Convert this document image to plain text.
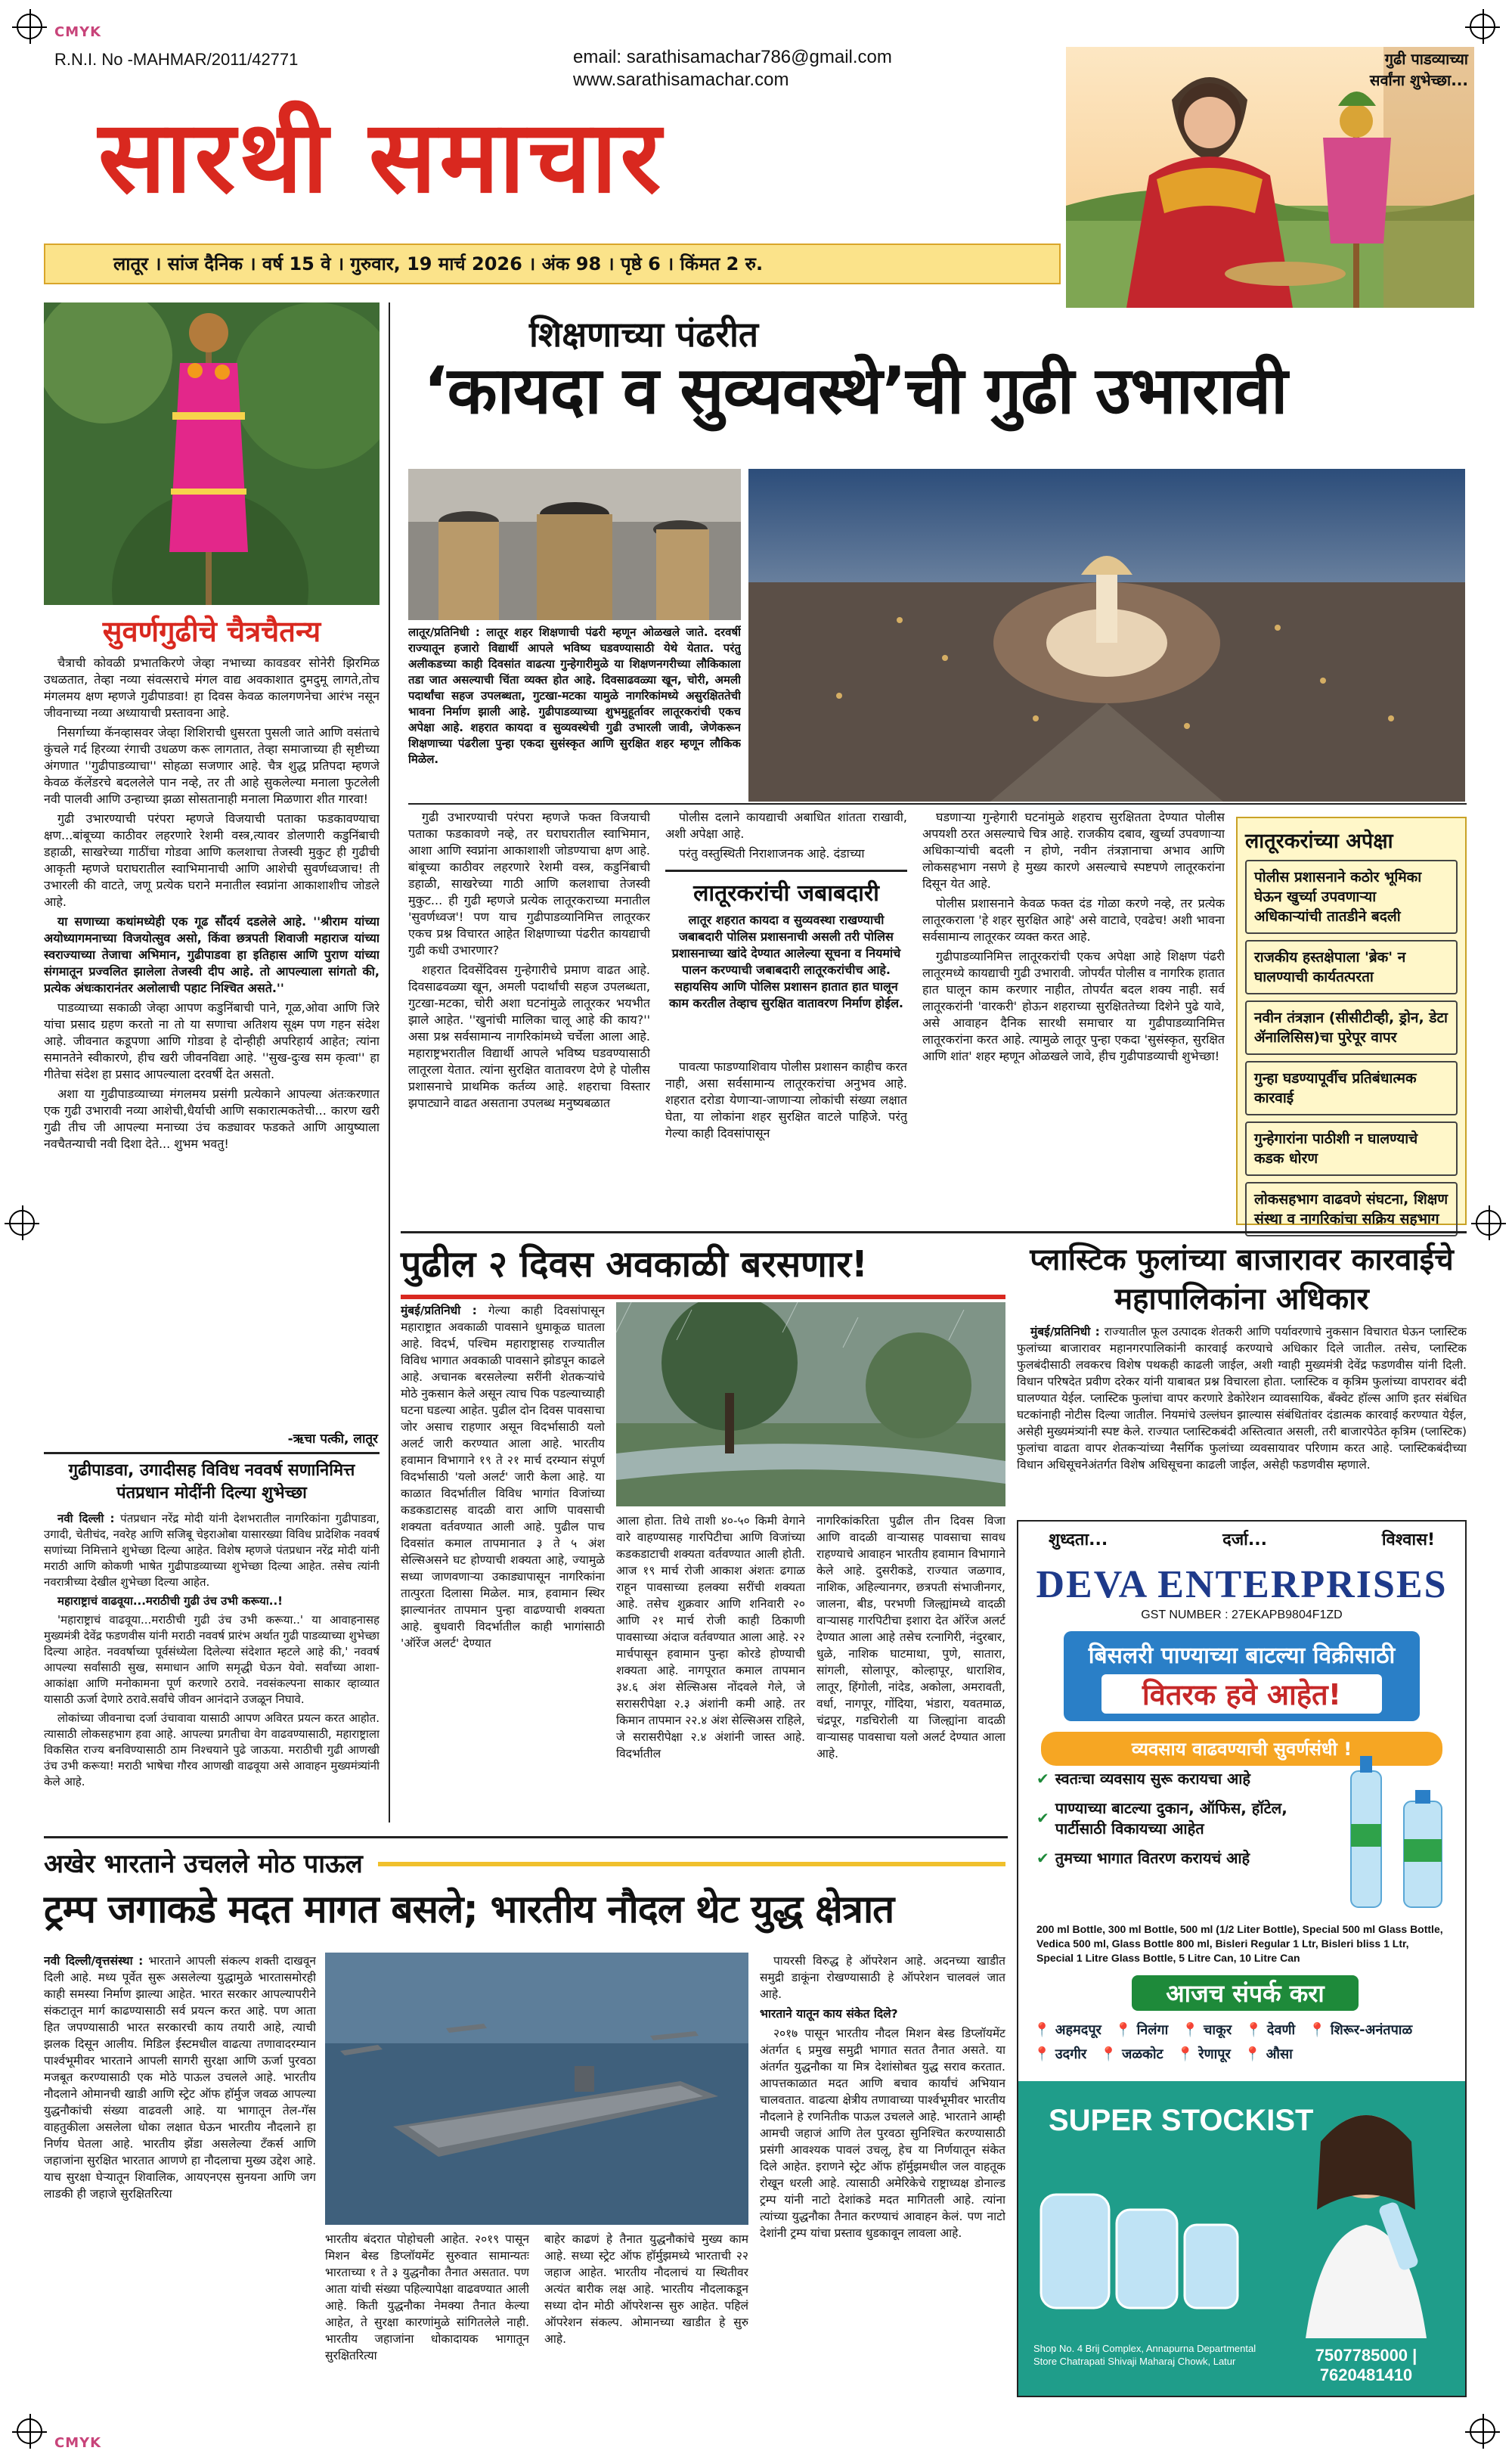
CMYK
CMYK
R.N.I. No -MAHMAR/2011/42771	email: sarathisamachar786@gmail.com
www.sarathisamachar.com
सारथी समाचार
गुढी पाडव्याच्या सर्वांना शुभेच्छा...
लातूर । सांज दैनिक । वर्ष 15 वे । गुरुवार, 19 मार्च 2026 । अंक 98 । पृष्ठे 6 । किंमत 2 रु.
सुवर्णगुढीचे चैत्रचैतन्य

चैत्राची कोवळी प्रभातकिरणे जेव्हा नभाच्या कावडवर सोनेरी झिरमिळ उधळतात, तेव्हा नव्या संवत्सराचे मंगल वाद्य अवकाशात दुमदुमू लागते,तोच मंगलमय क्षण म्हणजे गुढीपाडवा! हा दिवस केवळ कालगणनेचा आरंभ नसून जीवनाच्या नव्या अध्यायाची प्रस्तावना आहे.

निसर्गाच्या कॅनव्हासवर जेव्हा शिशिराची धुसरता पुसली जाते आणि वसंताचे कुंचले गर्द हिरव्या रंगाची उधळण करू लागतात, तेव्हा समाजाच्या ही सृष्टीच्या अंगणात ''गुढीपाडव्याचा'' सोहळा सजणार आहे. चैत्र शुद्ध प्रतिपदा म्हणजे केवळ कॅलेंडरचे बदललेले पान नव्हे, तर ती आहे सुकलेल्या मनाला फुटलेली नवी पालवी आणि उन्हाच्या झळा सोसतानाही मनाला मिळणारा शीत गारवा!

गुढी उभारण्याची परंपरा म्हणजे विजयाची पताका फडकावण्याचा क्षण...बांबूच्या काठीवर लहरणारे रेशमी वस्त्र,त्यावर डोलणारी कडुनिंबाची डहाळी, साखरेच्या गाठींचा गोडवा आणि कलशाचा तेजस्वी मुकुट ही गुढीची आकृती म्हणजे घराघरातील स्वाभिमानाची आणि आशेची सुवर्णध्वजाच! ती उभारली की वाटते, जणू प्रत्येक घराने मनातील स्वप्नांना आकाशाशीच जोडले आहे.

या सणाच्या कथांमध्येही एक गूढ सौंदर्य दडलेले आहे. ''श्रीराम यांच्या अयोध्यागमनाच्या विजयोत्सुव असो, किंवा छत्रपती शिवाजी महाराज यांच्या स्वराज्याच्या तेजाचा अभिमान, गुढीपाडवा हा इतिहास आणि पुराण यांच्या संगमातून प्रज्वलित झालेला तेजस्वी दीप आहे. तो आपल्याला सांगतो की, प्रत्येक अंधःकारानंतर अलोलाची पहाट निश्चित असते.''

पाडव्याच्या सकाळी जेव्हा आपण कडुनिंबाची पाने, गूळ,ओवा आणि जिरे यांचा प्रसाद ग्रहण करतो ना तो या सणाचा अतिशय सूक्ष्म पण गहन संदेश आहे. जीवनात कडूपणा आणि गोडवा हे दोन्हीही अपरिहार्य आहेत; त्यांना समानतेने स्वीकारणे, हीच खरी जीवनविद्या आहे. ''सुख-दुःख सम कृत्वा'' हा गीतेचा संदेश हा प्रसाद आपल्याला दरवर्षी देत असतो.

अशा या गुढीपाडव्याच्या मंगलमय प्रसंगी प्रत्येकाने आपल्या अंतःकरणात एक गुढी उभारावी नव्या आशेची,धैर्याची आणि सकारात्मकतेची... कारण खरी गुढी तीच जी आपल्या मनाच्या उंच कड्यावर फडकते आणि आयुष्याला नवचैतन्याची नवी दिशा देते... शुभम भवतु!

-ऋचा पत्की, लातूर
गुढीपाडवा, उगादीसह विविध नववर्ष सणानिमित्त पंतप्रधान मोदींनी दिल्या शुभेच्छा

नवी दिल्ली : पंतप्रधान नरेंद्र मोदी यांनी देशभरातील नागरिकांना गुढीपाडवा, उगादी, चेतीचंद, नवरेह आणि सजिबू चेइराओबा यासारख्या विविध प्रादेशिक नववर्ष सणांच्या निमित्ताने शुभेच्छा दिल्या आहेत. विशेष म्हणजे पंतप्रधान नरेंद्र मोदी यांनी मराठी आणि कोकणी भाषेत गुढीपाडव्याच्या शुभेच्छा दिल्या आहेत. तसेच त्यांनी नवरात्रीच्या देखील शुभेच्छा दिल्या आहेत.

महाराष्ट्राचं वाढवूया...मराठीची गुढी उंच उभी करूया..!

'महाराष्ट्राचं वाढवूया...मराठीची गुढी उंच उभी करूया..' या आवाहनासह मुख्यमंत्री देवेंद्र फडणवीस यांनी मराठी नववर्ष प्रारंभ अर्थात गुढी पाडव्याच्या शुभेच्छा दिल्या आहेत. नववर्षाच्या पूर्वसंध्येला दिलेल्या संदेशात म्हटले आहे की,' नववर्ष आपल्या सर्वांसाठी सुख, समाधान आणि समृद्धी घेऊन येवो. सर्वांच्या आशा-आकांक्षा आणि मनोकामना पूर्ण करणारे ठरावे. नवसंकल्पना साकार व्हाव्यात यासाठी ऊर्जा देणारे ठरावे.सर्वांचे जीवन आनंदाने उजळून निघावे.

लोकांच्या जीवनाचा दर्जा उंचावावा यासाठी आपण अविरत प्रयत्न करत आहोत. त्यासाठी लोकसहभाग हवा आहे. आपल्या प्रगतीचा वेग वाढवण्यासाठी, महाराष्ट्राला विकसित राज्य बनविण्यासाठी ठाम निश्चयाने पुढे जाऊया. मराठीची गुढी आणखी उंच उभी करूया! मराठी भाषेचा गौरव आणखी वाढवूया असे आवाहन मुख्यमंत्र्यांनी केले आहे.

शिक्षणाच्या पंढरीत
‘कायदा व सुव्यवस्थे’ची गुढी उभारावी
लातूर/प्रतिनिधी : लातूर शहर शिक्षणाची पंढरी म्हणून ओळखले जाते. दरवर्षी राज्यातून हजारो विद्यार्थी आपले भविष्य घडवण्यासाठी येथे येतात. परंतु अलीकडच्या काही दिवसांत वाढत्या गुन्हेगारीमुळे या शिक्षणनगरीच्या लौकिकाला तडा जात असल्याची चिंता व्यक्त होत आहे. दिवसाढवळ्या खून, चोरी, अमली पदार्थांचा सहज उपलब्धता, गुटखा-मटका यामुळे नागरिकांमध्ये असुरक्षिततेची भावना निर्माण झाली आहे. गुढीपाडव्याच्या शुभमुहूर्तावर लातूरकरांची एकच अपेक्षा आहे. शहरात कायदा व सुव्यवस्थेची गुढी उभारली जावी, जेणेकरून शिक्षणाच्या पंढरीला पुन्हा एकदा सुसंस्कृत आणि सुरक्षित शहर म्हणून लौकिक मिळेल.

गुढी उभारण्याची परंपरा म्हणजे फक्त विजयाची पताका फडकावणे नव्हे, तर घराघरातील स्वाभिमान, आशा आणि स्वप्नांना आकाशाशी जोडण्याचा क्षण आहे. बांबूच्या काठीवर लहरणारे रेशमी वस्त्र, कडुनिंबाची डहाळी, साखरेच्या गाठी आणि कलशाचा तेजस्वी मुकुट... ही गुढी म्हणजे प्रत्येक लातूरकराच्या मनातील 'सुवर्णध्वज'! पण याच गुढीपाडव्यानिमित्त लातूरकर एकच प्रश्न विचारत आहेत शिक्षणाच्या पंढरीत कायद्याची गुढी कधी उभारणार?

शहरात दिवसेंदिवस गुन्हेगारीचे प्रमाण वाढत आहे. दिवसाढवळ्या खून, अमली पदार्थांची सहज उपलब्धता, गुटखा-मटका, चोरी अशा घटनांमुळे लातूरकर भयभीत झाले आहेत. ''खुनांची मालिका चालू आहे की काय?'' असा प्रश्न सर्वसामान्य नागरिकांमध्ये चर्चेला आला आहे. महाराष्ट्रभरातील विद्यार्थी आपले भविष्य घडवण्यासाठी लातूरला येतात. त्यांना सुरक्षित वातावरण देणे हे पोलीस प्रशासनाचे प्राथमिक कर्तव्य आहे. शहराचा विस्तार झपाट्याने वाढत असताना उपलब्ध मनुष्यबळात

पोलीस दलाने कायद्याची अबाधित शांतता राखावी, अशी अपेक्षा आहे.

परंतु वस्तुस्थिती निराशाजनक आहे. दंडाच्या

लातूरकरांची जबाबदारी
लातूर शहरात कायदा व सुव्यवस्था राखण्याची जबाबदारी पोलिस प्रशासनाची असली तरी पोलिस प्रशासनाच्या खांदे देण्यात आलेल्या सूचना व नियमांचे पालन करण्याची जबाबदारी लातूरकरांचीच आहे. सहायसिय आणि पोलिस प्रशासन हातात हात घालून काम करतील तेव्हाच सुरक्षित वातावरण निर्माण होईल.

पावत्या फाडण्याशिवाय पोलीस प्रशासन काहीच करत नाही, असा सर्वसामान्य लातूरकरांचा अनुभव आहे. शहरात दरोडा येणाऱ्या-जाणाऱ्या लोकांची संख्या लक्षात घेता, या लोकांना शहर सुरक्षित वाटले पाहिजे. परंतु गेल्या काही दिवसांपासून

घडणाऱ्या गुन्हेगारी घटनांमुळे शहराच सुरक्षितता देण्यात पोलीस अपयशी ठरत असल्याचे चित्र आहे. राजकीय दबाव, खुर्च्या उपवणाऱ्या अधिकाऱ्यांची बदली न होणे, नवीन तंत्रज्ञानाचा अभाव आणि लोकसहभाग नसणे हे मुख्य कारणे असल्याचे स्पष्टपणे लातूरकरांना दिसून येत आहे.

पोलीस प्रशासनाने केवळ फक्त दंड गोळा करणे नव्हे, तर प्रत्येक लातूरकराला 'हे शहर सुरक्षित आहे' असे वाटावे, एवढेच! अशी भावना सर्वसामान्य लातूरकर व्यक्त करत आहे.

गुढीपाडव्यानिमित्त लातूरकरांची एकच अपेक्षा आहे शिक्षण पंढरी लातूरमध्ये कायद्याची गुढी उभारावी. जोपर्यंत पोलीस व नागरिक हातात हात घालून काम करणार नाहीत, तोपर्यंत बदल शक्य नाही. सर्व लातूरकरांनी 'वारकरी' होऊन शहराच्या सुरक्षिततेच्या दिशेने पुढे यावे, असे आवाहन दैनिक सारथी समाचार या गुढीपाडव्यानिमित्त लातूरकरांना करत आहे. त्यामुळे लातूर पुन्हा एकदा 'सुसंस्कृत, सुरक्षित आणि शांत' शहर म्हणून ओळखले जावे, हीच गुढीपाडव्याची शुभेच्छा!

लातूरकरांच्या अपेक्षा
पोलीस प्रशासनाने कठोर भूमिका घेऊन खुर्च्या उपवणाऱ्या अधिकाऱ्यांची तातडीने बदली
राजकीय हस्तक्षेपाला 'ब्रेक' न घालण्याची कार्यतत्परता
नवीन तंत्रज्ञान (सीसीटीव्ही, ड्रोन, डेटा ॲनालिसिस)चा पुरेपूर वापर
गुन्हा घडण्यापूर्वीच प्रतिबंधात्मक कारवाई
गुन्हेगारांना पाठीशी न घालण्याचे कडक धोरण
लोकसहभाग वाढवणे संघटना, शिक्षण संस्था व नागरिकांचा सक्रिय सहभाग
पुढील २ दिवस अवकाळी बरसणार!

मुंबई/प्रतिनिधी : गेल्या काही दिवसांपासून महाराष्ट्रात अवकाळी पावसाने धुमाकूळ घातला आहे. विदर्भ, पश्चिम महाराष्ट्रासह राज्यातील विविध भागात अवकाळी पावसाने झोडपून काढले आहे. अचानक बरसलेल्या सरींनी शेतकऱ्यांचे मोठे नुकसान केले असून त्याच पिक पडल्याच्याही घटना घडल्या आहेत. पुढील दोन दिवस पावसाचा जोर असाच राहणार असून विदर्भासाठी यलो अलर्ट जारी करण्यात आला आहे. भारतीय हवामान विभागाने १९ ते २१ मार्च दरम्यान संपूर्ण विदर्भासाठी 'यलो अलर्ट' जारी केला आहे. या काळात विदर्भातील विविध भागांत विजांच्या कडकडाटासह वादळी वारा आणि पावसाची शक्यता वर्तवण्यात आली आहे. पुढील पाच दिवसांत कमाल तापमानात ३ ते ५ अंश सेल्सिअसने घट होण्याची शक्यता आहे, ज्यामुळे सध्या जाणवणाऱ्या उकाड्यापासून नागरिकांना तात्पुरता दिलासा मिळेल. मात्र, हवामान स्थिर झाल्यानंतर तापमान पुन्हा वाढण्याची शक्यता आहे. बुधवारी विदर्भातील काही भागांसाठी 'ऑरेंज अलर्ट' देण्यात

आला होता. तिथे ताशी ४०-५० किमी वेगाने वारे वाहण्यासह गारपिटीचा आणि विजांच्या कडकडाटाची शक्यता वर्तवण्यात आली होती. आज १९ मार्च रोजी आकाश अंशतः ढगाळ राहून पावसाच्या हलक्या सरींची शक्यता आहे. तसेच शुक्रवार आणि शनिवारी २० आणि २१ मार्च रोजी काही ठिकाणी पावसाच्या अंदाज वर्तवण्यात आला आहे. २२ मार्चपासून हवामान पुन्हा कोरडे होण्याची शक्यता आहे. नागपूरात कमाल तापमान ३४.६ अंश सेल्सिअस नोंदवले गेले, जे सरासरीपेक्षा २.३ अंशांनी कमी आहे. तर किमान तापमान २२.४ अंश सेल्सिअस राहिले, जे सरासरीपेक्षा २.४ अंशांनी जास्त आहे. विदर्भातील
नागरिकांकरिता पुढील तीन दिवस विजा आणि वादळी वाऱ्यासह पावसाचा सावध राहण्याचे आवाहन भारतीय हवामान विभागाने केले आहे. दुसरीकडे, राज्यात जळगाव, नाशिक, अहिल्यानगर, छत्रपती संभाजीनगर, जालना, बीड, परभणी जिल्ह्यांमध्ये वादळी वाऱ्यासह गारपिटीचा इशारा देत ऑरेंज अलर्ट देण्यात आला आहे तसेच रत्नागिरी, नंदुरबार, धुळे, नाशिक घाटमाथा, पुणे, सातारा, सांगली, सोलापूर, कोल्हापूर, धाराशिव, लातूर, हिंगोली, नांदेड, अकोला, अमरावती, वर्धा, नागपूर, गोंदिया, भंडारा, यवतमाळ, चंद्रपूर, गडचिरोली या जिल्ह्यांना वादळी वाऱ्यासह पावसाचा यलो अलर्ट देण्यात आला आहे.
प्लास्टिक फुलांच्या बाजारावर कारवाईचे महापालिकांना अधिकार

मुंबई/प्रतिनिधी : राज्यातील फूल उत्पादक शेतकरी आणि पर्यावरणाचे नुकसान विचारात घेऊन प्लास्टिक फुलांच्या बाजारावर महानगरपालिकांनी कारवाई करण्याचे अधिकार दिले जातील. तसेच, प्लास्टिक फुलबंदीसाठी लवकरच विशेष पथकही काढली जाईल, अशी ग्वाही मुख्यमंत्री देवेंद्र फडणवीस यांनी दिली. विधान परिषदेत प्रवीण दरेकर यांनी याबाबत प्रश्न विचारला होता. प्लास्टिक व कृत्रिम फुलांच्या वापरावर बंदी घालण्यात येईल. प्लास्टिक फुलांचा वापर करणारे डेकोरेशन व्यावसायिक, बँक्वेट हॉल्स आणि इतर संबंधित घटकांनाही नोटीस दिल्या जातील. नियमांचे उल्लंघन झाल्यास संबंधितांवर दंडात्मक कारवाई करण्यात येईल, असेही मुख्यमंत्र्यांनी स्पष्ट केले. राज्यात प्लास्टिकबंदी अस्तित्वात असली, तरी बाजारपेठेत कृत्रिम (प्लास्टिक) फुलांचा वाढता वापर शेतकऱ्यांच्या नैसर्गिक फुलांच्या व्यवसायावर परिणाम करत आहे. प्लास्टिकबंदीच्या विधान अधिसूचनेअंतर्गत विशेष अधिसूचना काढली जाईल, असेही फडणवीस म्हणाले.

शुध्दता...	दर्जा...	विश्वास!
DEVA ENTERPRISES
GST NUMBER : 27EKAPB9804F1ZD
बिसलरी पाण्याच्या बाटल्या विक्रीसाठी
वितरक हवे आहेत!
व्यवसाय वाढवण्याची सुवर्णसंधी !
✔ स्वतःचा व्यवसाय सुरू करायचा आहे
✔
पाण्याच्या बाटल्या दुकान, ऑफिस, हॉटेल, पार्टीसाठी विकायच्या आहेत
✔ तुमच्या भागात वितरण करायचं आहे
200 ml Bottle, 300 ml Bottle, 500 ml (1/2 Liter Bottle), Special 500 ml Glass Bottle, Vedica 500 ml, Glass Bottle 800 ml, Bisleri Regular 1 Ltr, Bisleri bliss 1 Ltr, Special 1 Litre Glass Bottle, 5 Litre Can, 10 Litre Can
आजच संपर्क करा
📍 अहमदपूर 📍 निलंगा 📍 चाकूर 📍 देवणी 📍 शिरूर-अनंतपाळ
📍 उदगीर 📍 जळकोट 📍 रेणापूर 📍 औसा
SUPER STOCKIST
Shop No. 4 Brij Complex, Annapurna Departmental Store Chatrapati Shivaji Maharaj Chowk, Latur	7507785000 | 7620481410
अखेर भारताने उचलले मोठ पाऊल
ट्रम्प जगाकडे मदत मागत बसले; भारतीय नौदल थेट युद्ध क्षेत्रात

नवी दिल्ली/वृत्तसंस्था : भारताने आपली संकल्प शक्ती दाखवून दिली आहे. मध्य पूर्वेत सुरू असलेल्या युद्धामुळे भारतासमोरही काही समस्या निर्माण झाल्या आहेत. भारत सरकार आपल्यापरीने संकटातून मार्ग काढण्यासाठी सर्व प्रयत्न करत आहे. पण आता हित जपण्यासाठी भारत सरकारची काय तयारी आहे, त्याची झलक दिसून आलीय. मिडिल ईस्टमधील वाढत्या तणावादरम्यान पार्श्वभूमीवर भारताने आपली सागरी सुरक्षा आणि ऊर्जा पुरवठा मजबूत करण्यासाठी एक मोठे पाऊल उचलले आहे. भारतीय नौदलाने ओमानची खाडी आणि स्ट्रेट ऑफ हॉर्मुज जवळ आपल्या युद्धनौकांची संख्या वाढवली आहे. या भागातून तेल-गॅस वाहतुकीला असलेला धोका लक्षात घेऊन भारतीय नौदलाने हा निर्णय घेतला आहे. भारतीय झेंडा असलेल्या टँकर्स आणि जहाजांना सुरक्षित भारतात आणणे हा नौदलाचा मुख्य उद्देश आहे. याच सुरक्षा घेऱ्यातून शिवालिक, आयएनएस सुनयना आणि जग लाडकी ही जहाजे सुरक्षितरित्या

भारतीय बंदरात पोहोचली आहेत. २०१९ पासून मिशन बेस्ड डिप्लॉयमेंट सुरुवात सामान्यतः भारताच्या १ ते ३ युद्धनौका तैनात असतात. पण आता यांची संख्या पहिल्यापेक्षा वाढवण्यात आली आहे. किती युद्धनौका नेमक्या तैनात केल्या आहेत, ते सुरक्षा कारणांमुळे सांगितलेले नाही. भारतीय जहाजांना धोकादायक भागातून सुरक्षितरित्या
बाहेर काढणं हे तैनात युद्धनौकांचे मुख्य काम आहे. सध्या स्ट्रेट ऑफ हॉर्मुझमध्ये भारताची २२ जहाज आहेत. भारतीय नौदलाचं या स्थितीवर अत्यंत बारीक लक्ष आहे. भारतीय नौदलाकडून सध्या दोन मोठी ऑपरेशन्स सुरु आहेत. पहिलं ऑपरेशन संकल्प. ओमानच्या खाडीत हे सुरु आहे.

पायरसी विरुद्ध हे ऑपरेशन आहे. अदनच्या खाडीत समुद्री डाकूंना रोखण्यासाठी हे ऑपरेशन चालवलं जात आहे.

भारताने यातून काय संकेत दिले?

२०१७ पासून भारतीय नौदल मिशन बेस्ड डिप्लॉयमेंट अंतर्गत ६ प्रमुख समुद्री भागात सतत तैनात असते. या अंतर्गत युद्धनौका या मित्र देशांसोबत युद्ध सराव करतात. आपत्तकाळात मदत आणि बचाव कार्यांचं अभियान चालवतात. वाढत्या क्षेत्रीय तणावाच्या पार्श्वभूमीवर भारतीय नौदलाने हे रणनितीक पाऊल उचलले आहे. भारताने आम्ही आमची जहाजं आणि तेल पुरवठा सुनिश्चित करण्यासाठी प्रसंगी आवश्यक पावलं उचलू, हेच या निर्णयातून संकेत दिले आहेत. इराणने स्ट्रेट ऑफ हॉर्मुझमधील जल वाहतूक रोखून धरली आहे. त्यासाठी अमेरिकेचे राष्ट्राध्यक्ष डोनाल्ड ट्रम्प यांनी नाटो देशांकडे मदत मागितली आहे. त्यांना त्यांच्या युद्धनौका तैनात करण्याचं आवाहन केलं. पण नाटो देशांनी ट्रम्प यांचा प्रस्ताव धुडकावून लावला आहे.
